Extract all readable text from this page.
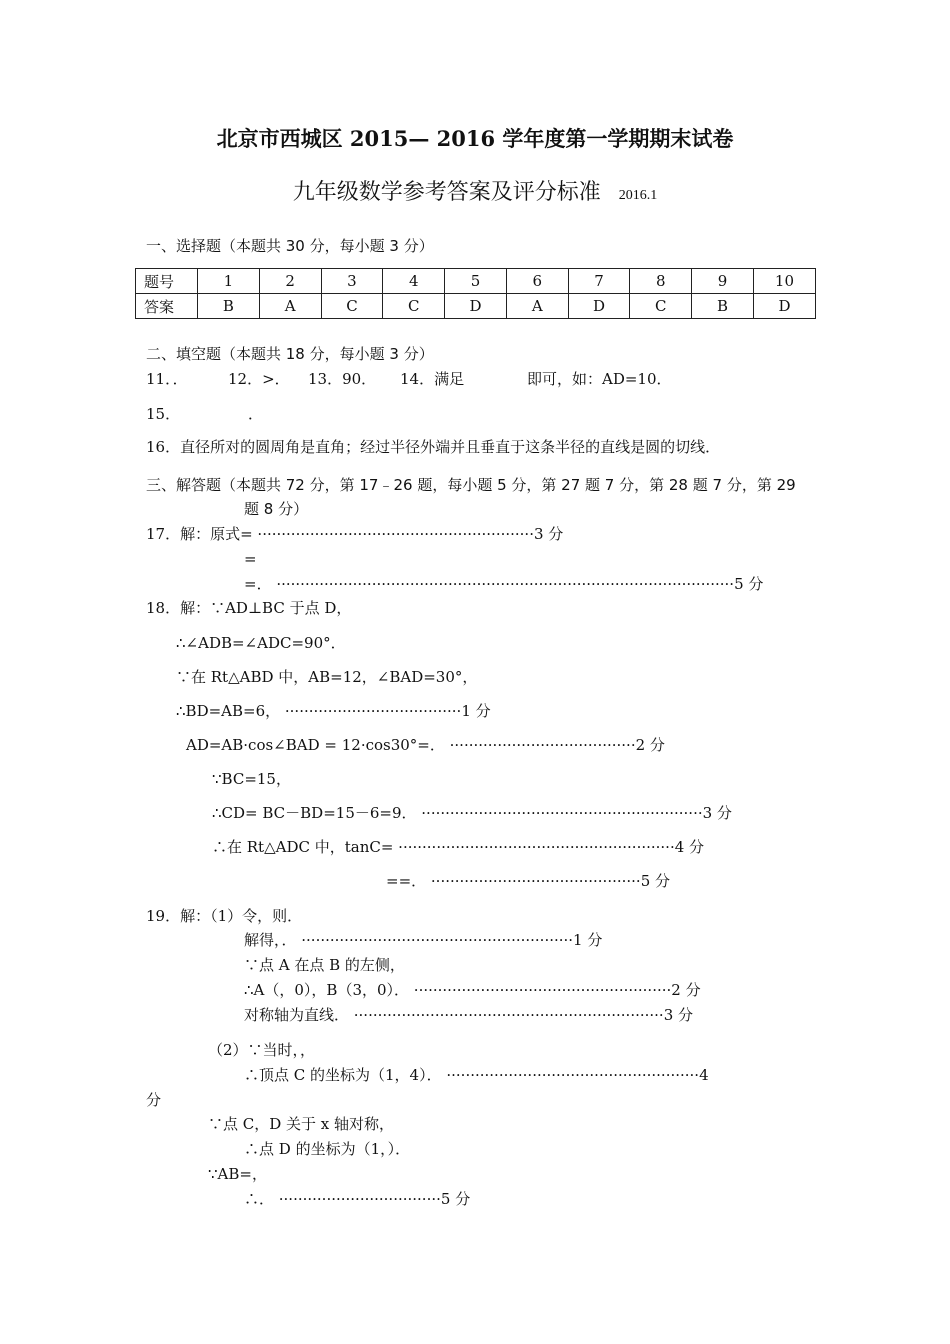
北京市西城区 2015— 2016 学年度第一学期期末试卷
九年级数学参考答案及评分标准 2016.1
一、选择题（本题共 30 分，每小题 3 分）
题号	1	2	3	4	5	6	7	8	9	10
答案	B	A	C	C	D	A	D	C	B	D
二、填空题（本题共 18 分，每小题 3 分）
11．．	12．>． 13．90． 14．满足	即可，如：AD=10．
15．	．
16．直径所对的圆周角是直角；经过半径外端并且垂直于这条半径的直线是圆的切线．
三、解答题（本题共 72 分，第 17﹣26 题，每小题 5 分，第 27 题 7 分，第 28 题 7 分，第 29
题 8 分）
17．解：原式= ··························································3 分
=
=． ································································································5 分
18．解：∵AD⊥BC 于点 D，
∴∠ADB=∠ADC=90°．
∵在 Rt△ABD 中，AB=12，∠BAD=30°，
∴BD=AB=6， ·····································1 分
AD=AB·cos∠BAD = 12·cos30°=． ·······································2 分
∵BC=15，
∴CD= BC－BD=15－6=9． ···························································3 分
∴在 Rt△ADC 中，tanC= ··························································4 分
==． ············································5 分
19．解：（1）令，则．
解得，． ·························································1 分
∵点 A 在点 B 的左侧，
∴A（，0），B（3，0）． ······················································2 分
对称轴为直线． ·································································3 分
（2）∵当时，，
∴顶点 C 的坐标为（1，4）． ·····················································4
分
∵点 C，D 关于 x 轴对称，
∴点 D 的坐标为（1，）．
∵AB=，
∴． ··································5 分
